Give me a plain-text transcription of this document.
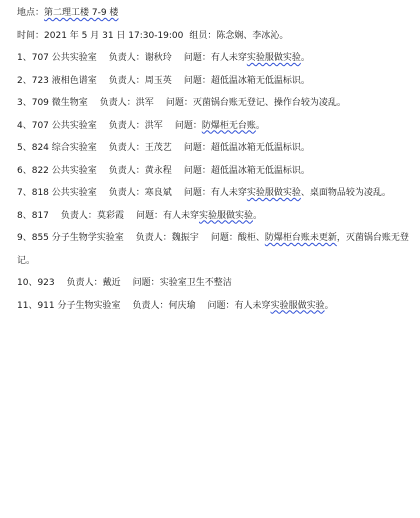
地点：第二理工楼 7-9 楼
时间：2021 年 5 月 31 日 17:30-19:00 组员：陈念娴、李冰沁。
1、707 公共实验室 负责人：谢秋玲 问题：有人未穿实验服做实验。
2、723 液相色谱室 负责人：周玉英 问题：超低温冰箱无低温标识。
3、709 微生物室 负责人：洪军 问题：灭菌锅台账无登记、操作台较为凌乱。
4、707 公共实验室 负责人：洪军 问题：防爆柜无台账。
5、824 综合实验室 负责人：王茂艺 问题：超低温冰箱无低温标识。
6、822 公共实验室 负责人：黄永程 问题：超低温冰箱无低温标识。
7、818 公共实验室 负责人：寒良斌 问题：有人未穿实验服做实验、桌面物品较为凌乱。
8、817 负责人：莫彩霞 问题：有人未穿实验服做实验。
9、855 分子生物学实验室 负责人：魏振宇 问题：酸柜、防爆柜台账未更新，灭菌锅台账无登记。
10、923 负责人：戴近 问题：实验室卫生不整洁
11、911 分子生物实验室 负责人：何庆瑜 问题：有人未穿实验服做实验。
